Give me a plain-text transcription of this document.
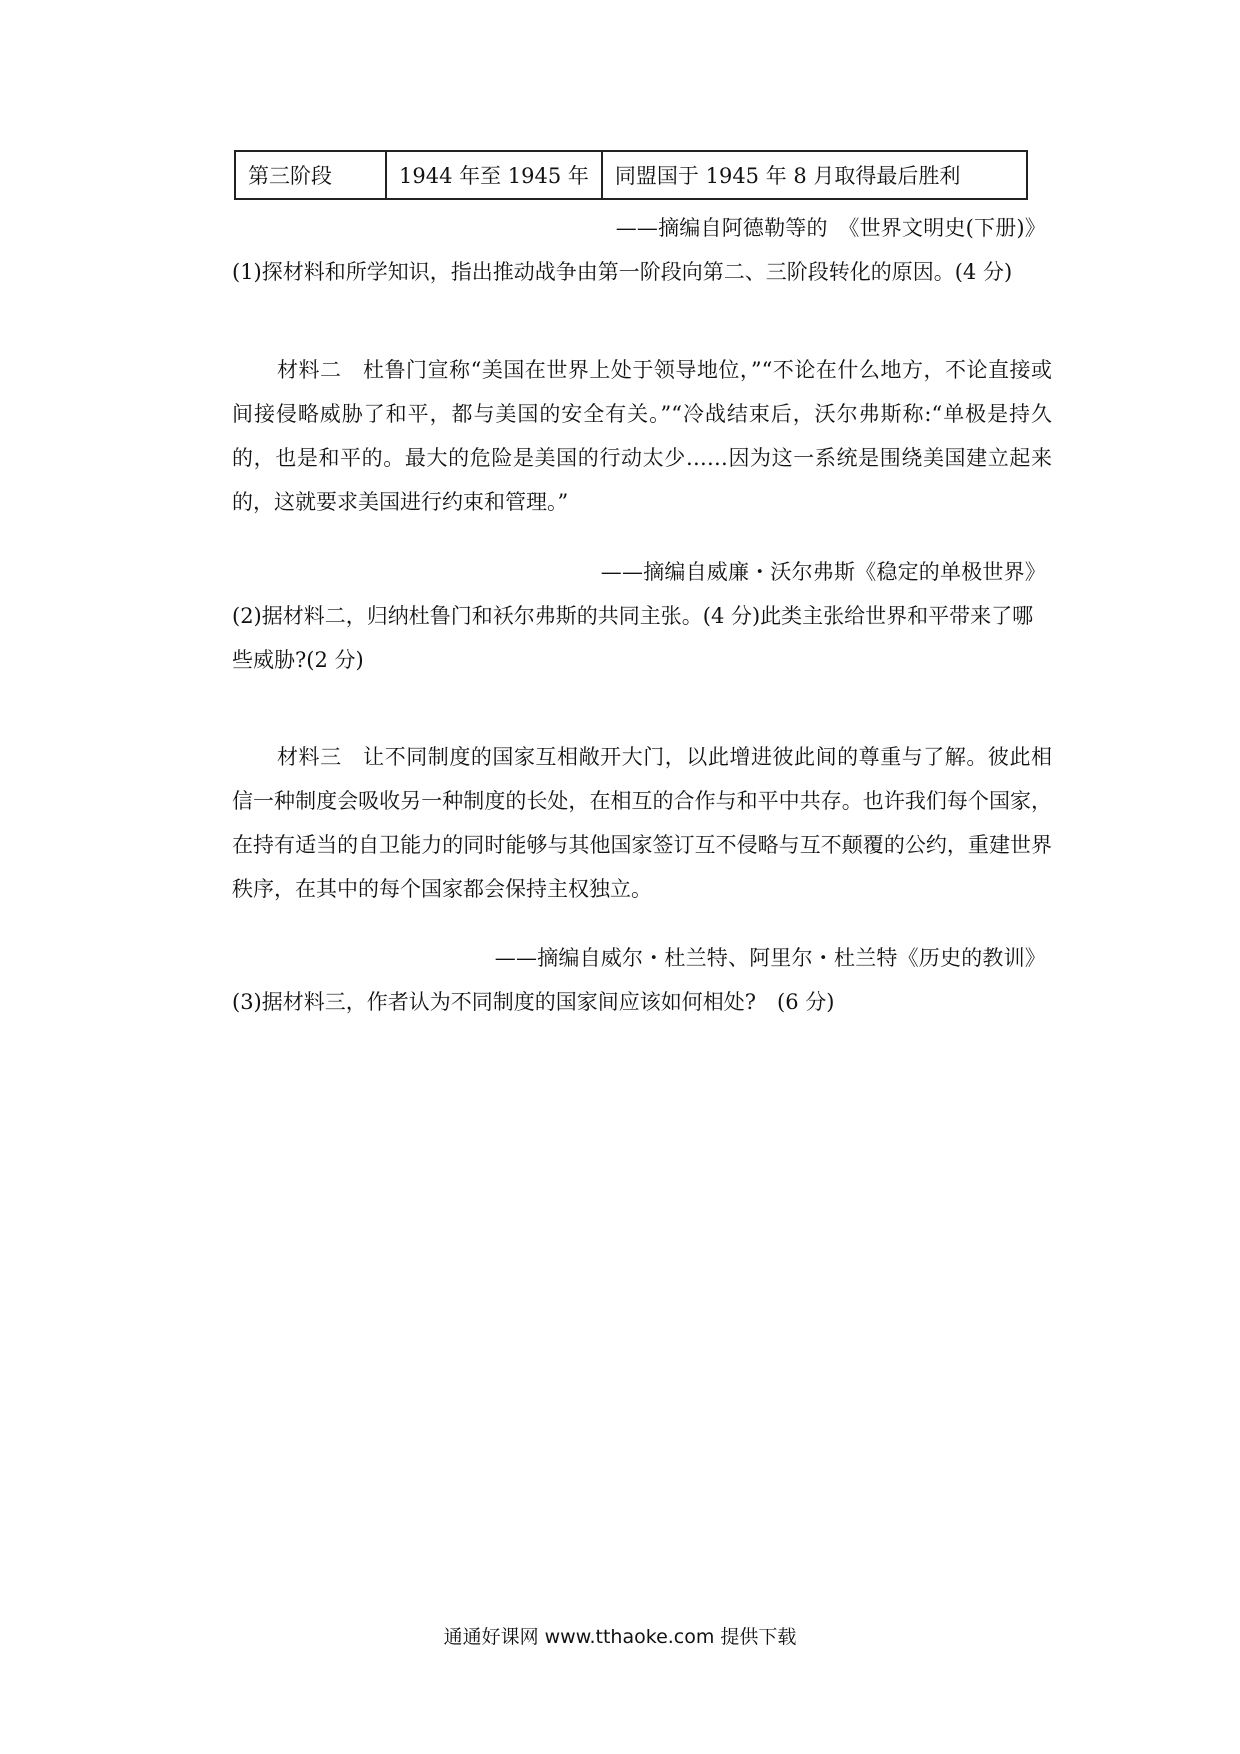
第三阶段	1944 年至 1945 年	同盟国于 1945 年 8 月取得最后胜利
——摘编自阿德勒等的　《世界文明史(下册)》
(1)探材料和所学知识，指出推动战争由第一阶段向第二、三阶段转化的原因。(4 分)
材料二　杜鲁门宣称“美国在世界上处于领导地位，”“不论在什么地方，不论直接或间接侵略威胁了和平，都与美国的安全有关。”“冷战结束后，沃尔弗斯称:“单极是持久的，也是和平的。最大的危险是美国的行动太少……因为这一系统是围绕美国建立起来的，这就要求美国进行约束和管理。”
——摘编自威廉・沃尔弗斯《稳定的单极世界》
(2)据材料二，归纳杜鲁门和袄尔弗斯的共同主张。(4 分)此类主张给世界和平带来了哪些威胁?(2 分)
材料三　让不同制度的国家互相敞开大门，以此增进彼此间的尊重与了解。彼此相信一种制度会吸收另一种制度的长处，在相互的合作与和平中共存。也许我们每个国家，在持有适当的自卫能力的同时能够与其他国家签订互不侵略与互不颠覆的公约，重建世界秩序，在其中的每个国家都会保持主权独立。
——摘编自威尔・杜兰特、阿里尔・杜兰特《历史的教训》
(3)据材料三，作者认为不同制度的国家间应该如何相处?　(6 分)
通通好课网 www.tthaoke.com 提供下载
